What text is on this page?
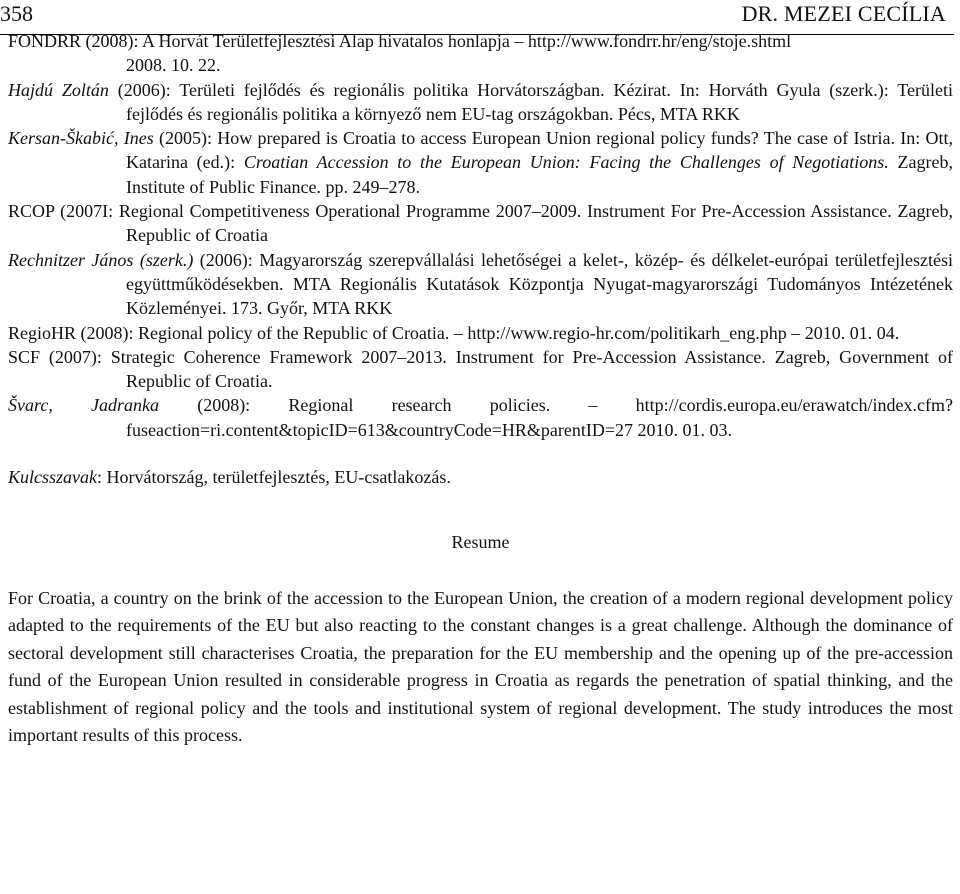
358	DR. MEZEI CECÍLIA

FONDRR (2008): A Horvát Területfejlesztési Alap hivatalos honlapja – http://www.fondrr.hr/eng/stoje.shtml
2008. 10. 22.

Hajdú Zoltán (2006): Területi fejlődés és regionális politika Horvátországban. Kézirat. In: Horváth Gyula (szerk.): Területi fejlődés és regionális politika a környező nem EU-tag országokban. Pécs, MTA RKK

Kersan-Škabić, Ines (2005): How prepared is Croatia to access European Union regional policy funds? The case of Istria. In: Ott, Katarina (ed.): Croatian Accession to the European Union: Facing the Challenges of Negotiations. Zagreb, Institute of Public Finance. pp. 249–278.

RCOP (2007I: Regional Competitiveness Operational Programme 2007–2009. Instrument For Pre-Accession Assistance. Zagreb, Republic of Croatia

Rechnitzer János (szerk.) (2006): Magyarország szerepvállalási lehetőségei a kelet-, közép- és délkelet-európai területfejlesztési együttműködésekben. MTA Regionális Kutatások Központja Nyugat-magyarországi Tudományos Intézetének Közleményei. 173. Győr, MTA RKK

RegioHR (2008): Regional policy of the Republic of Croatia. – http://www.regio-hr.com/politikarh_eng.php – 2010. 01. 04.

SCF (2007): Strategic Coherence Framework 2007–2013. Instrument for Pre-Accession Assistance. Zagreb, Government of Republic of Croatia.

Švarc, Jadranka (2008): Regional research policies. – http://cordis.europa.eu/erawatch/index.cfm?fuseaction=ri.content&topicID=613&countryCode=HR&parentID=27 2010. 01. 03.

Kulcsszavak: Horvátország, területfejlesztés, EU-csatlakozás.

Resume

For Croatia, a country on the brink of the accession to the European Union, the creation of a modern regional development policy adapted to the requirements of the EU but also reacting to the constant changes is a great challenge. Although the dominance of sectoral development still characterises Croatia, the preparation for the EU membership and the opening up of the pre-accession fund of the European Union resulted in considerable progress in Croatia as regards the penetration of spatial thinking, and the establishment of regional policy and the tools and institutional system of regional development. The study introduces the most important results of this process.
